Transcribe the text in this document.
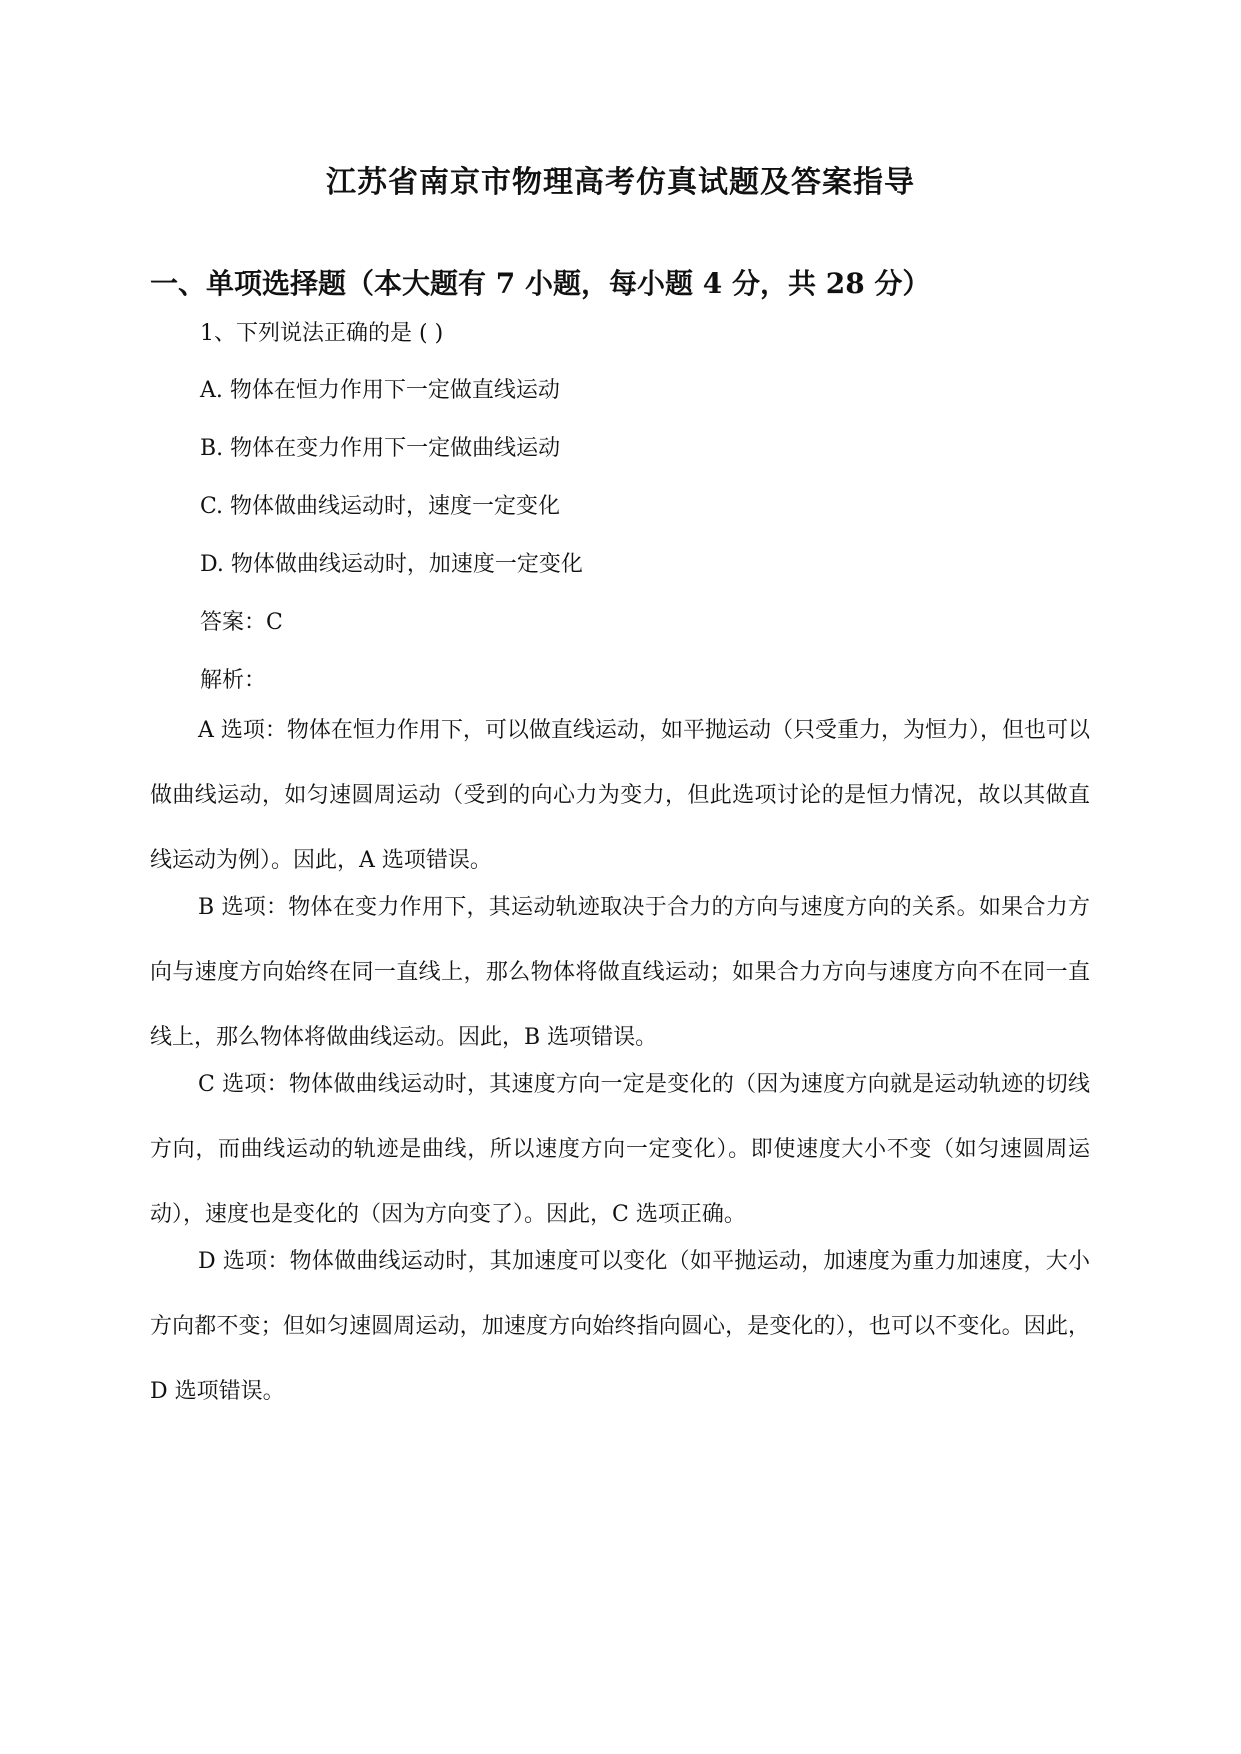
江苏省南京市物理高考仿真试题及答案指导
一、单项选择题（本大题有 7 小题，每小题 4 分，共 28 分）
1、下列说法正确的是 ( )
A. 物体在恒力作用下一定做直线运动
B. 物体在变力作用下一定做曲线运动
C. 物体做曲线运动时，速度一定变化
D. 物体做曲线运动时，加速度一定变化
答案：C
解析：

A 选项：物体在恒力作用下，可以做直线运动，如平抛运动（只受重力，为恒力），但也可以做曲线运动，如匀速圆周运动（受到的向心力为变力，但此选项讨论的是恒力情况，故以其做直线运动为例）。因此，A 选项错误。

B 选项：物体在变力作用下，其运动轨迹取决于合力的方向与速度方向的关系。如果合力方向与速度方向始终在同一直线上，那么物体将做直线运动；如果合力方向与速度方向不在同一直线上，那么物体将做曲线运动。因此，B 选项错误。

C 选项：物体做曲线运动时，其速度方向一定是变化的（因为速度方向就是运动轨迹的切线方向，而曲线运动的轨迹是曲线，所以速度方向一定变化）。即使速度大小不变（如匀速圆周运动），速度也是变化的（因为方向变了）。因此，C 选项正确。

D 选项：物体做曲线运动时，其加速度可以变化（如平抛运动，加速度为重力加速度，大小方向都不变；但如匀速圆周运动，加速度方向始终指向圆心，是变化的），也可以不变化。因此，D 选项错误。
